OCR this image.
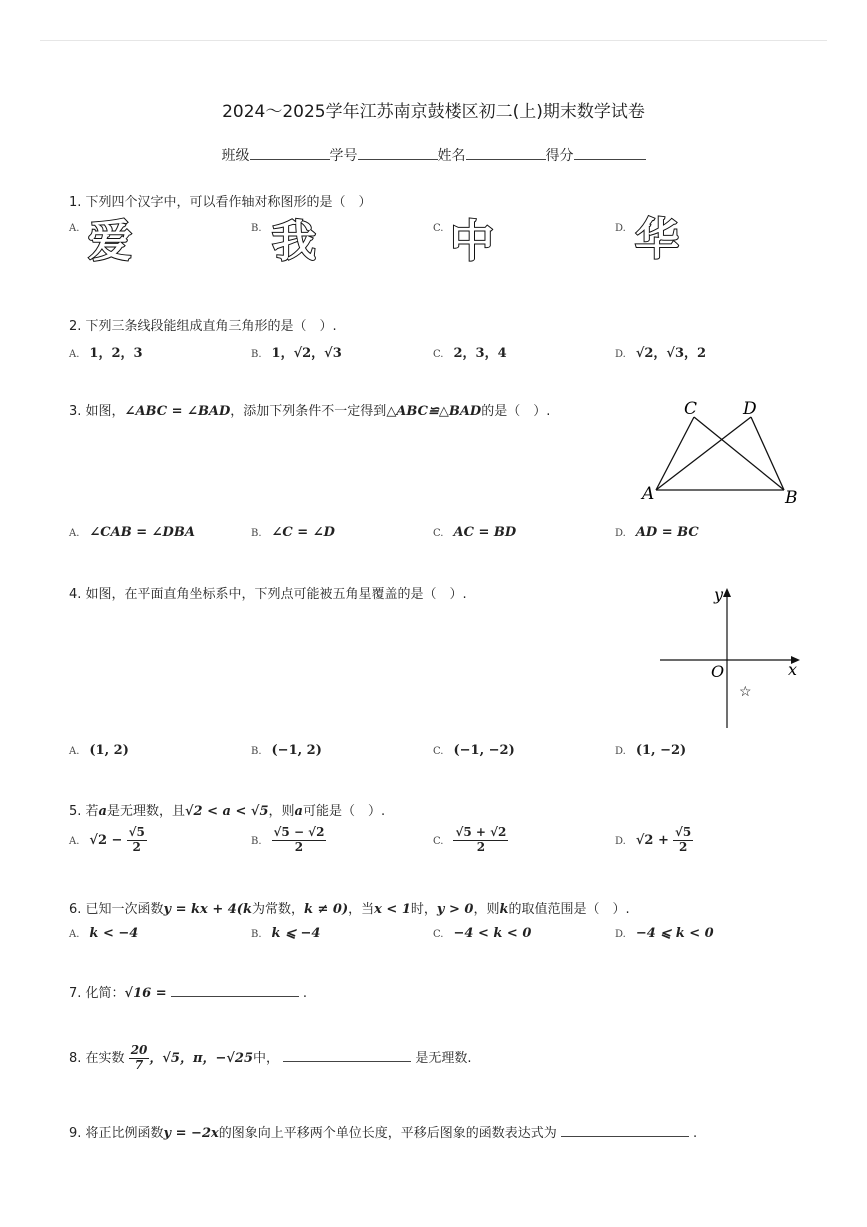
2024～2025学年江苏南京鼓楼区初二(上)期末数学试卷
班级	学号	姓名	得分
1. 下列四个汉字中，可以看作轴对称图形的是（　）
A. 爱	B. 我	C. 中	D. 华
2. 下列三条线段能组成直角三角形的是（　）.
A. 1，2，3	B. 1，√2，√3	C. 2，3，4	D. √2，√3，2
3. 如图，∠ABC = ∠BAD，添加下列条件不一定得到△ABC≌△BAD的是（　）.	C	D
A	B
A. ∠CAB = ∠DBA	B. ∠C = ∠D	C. AC = BD	D. AD = BC
4. 如图，在平面直角坐标系中，下列点可能被五角星覆盖的是（　）.	y
x
O
☆
A. (1, 2)	B. (−1, 2)	C. (−1, −2)	D. (1, −2)
5. 若a是无理数，且√2 < a < √5，则a可能是（　）.
A. $√2 - \frac{√5}{2}$	B. $\frac{√5 - √2}{2}$	C. $\frac{√5 + √2}{2}$	D. $√2 + \frac{√5}{2}$
6. 已知一次函数y = kx + 4(k为常数，k ≠ 0)，当x < 1时，y > 0，则k的取值范围是（　）.
A. k < −4	B. k ⩽ −4	C. −4 < k < 0	D. −4 ⩽ k < 0
7. 化简：√16 =	.
8. 在实数 $\frac{20}{7}$ ，√5，π，−√25中，	是无理数.
9. 将正比例函数y = −2x的图象向上平移两个单位长度，平移后图象的函数表达式为	.
